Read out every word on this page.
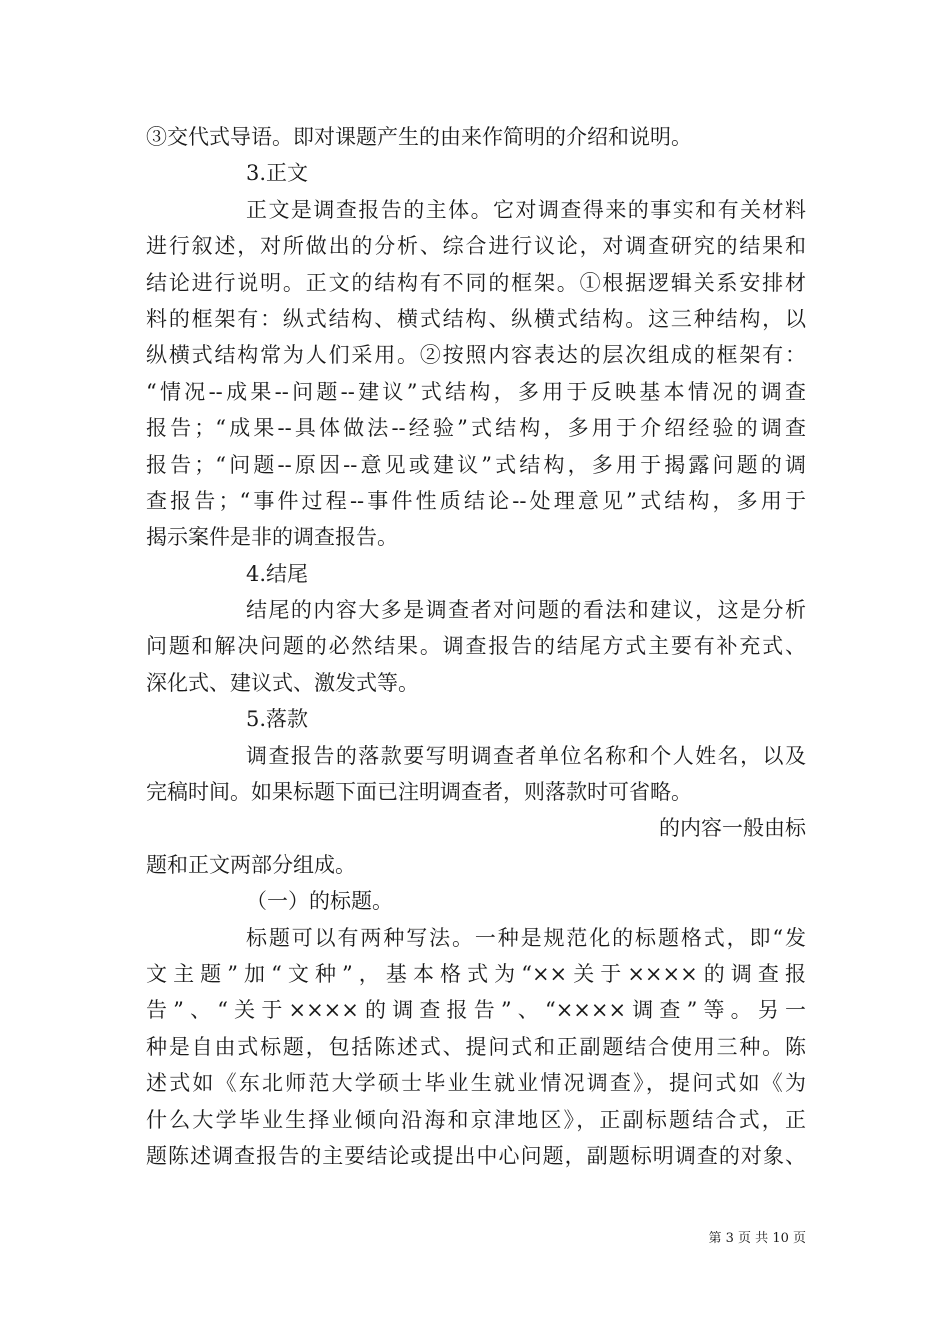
③交代式导语。即对课题产生的由来作简明的介绍和说明。
3.正文
正文是调查报告的主体。它对调查得来的事实和有关材料
进行叙述，对所做出的分析、综合进行议论，对调查研究的结果和
结论进行说明。正文的结构有不同的框架。①根据逻辑关系安排材
料的框架有：纵式结构、横式结构、纵横式结构。这三种结构，以
纵横式结构常为人们采用。②按照内容表达的层次组成的框架有：
“情况--成果--问题--建议”式结构，多用于反映基本情况的调查
报告；“成果--具体做法--经验”式结构，多用于介绍经验的调查
报告；“问题--原因--意见或建议”式结构，多用于揭露问题的调
查报告；“事件过程--事件性质结论--处理意见”式结构，多用于
揭示案件是非的调查报告。
4.结尾
结尾的内容大多是调查者对问题的看法和建议，这是分析
问题和解决问题的必然结果。调查报告的结尾方式主要有补充式、
深化式、建议式、激发式等。
5.落款
调查报告的落款要写明调查者单位名称和个人姓名，以及
完稿时间。如果标题下面已注明调查者，则落款时可省略。
的内容一般由标
题和正文两部分组成。
（一）的标题。
标题可以有两种写法。一种是规范化的标题格式，即“发
文主题”加“文种”，基本格式为“××关于××××的调查报
告”、“关于××××的调查报告”、“××××调查”等。另一
种是自由式标题，包括陈述式、提问式和正副题结合使用三种。陈
述式如《东北师范大学硕士毕业生就业情况调查》，提问式如《为
什么大学毕业生择业倾向沿海和京津地区》，正副标题结合式，正
题陈述调查报告的主要结论或提出中心问题，副题标明调查的对象、
第 3 页 共 10 页
